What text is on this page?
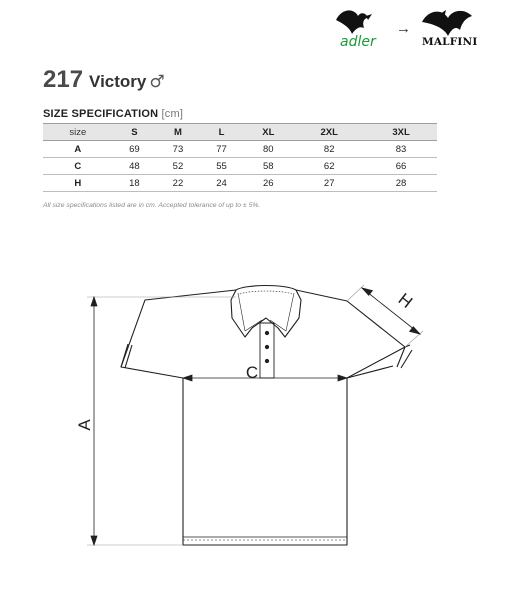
→
adler	MALFINI
217 Victory ♂
SIZE SPECIFICATION [cm]
size	S	M	L	XL	2XL	3XL
A	69	73	77	80	82	83
C	48	52	55	58	62	66
H	18	22	24	26	27	28
All size specifications listed are in cm. Accepted tolerance of up to ± 5%.
A
C
H
